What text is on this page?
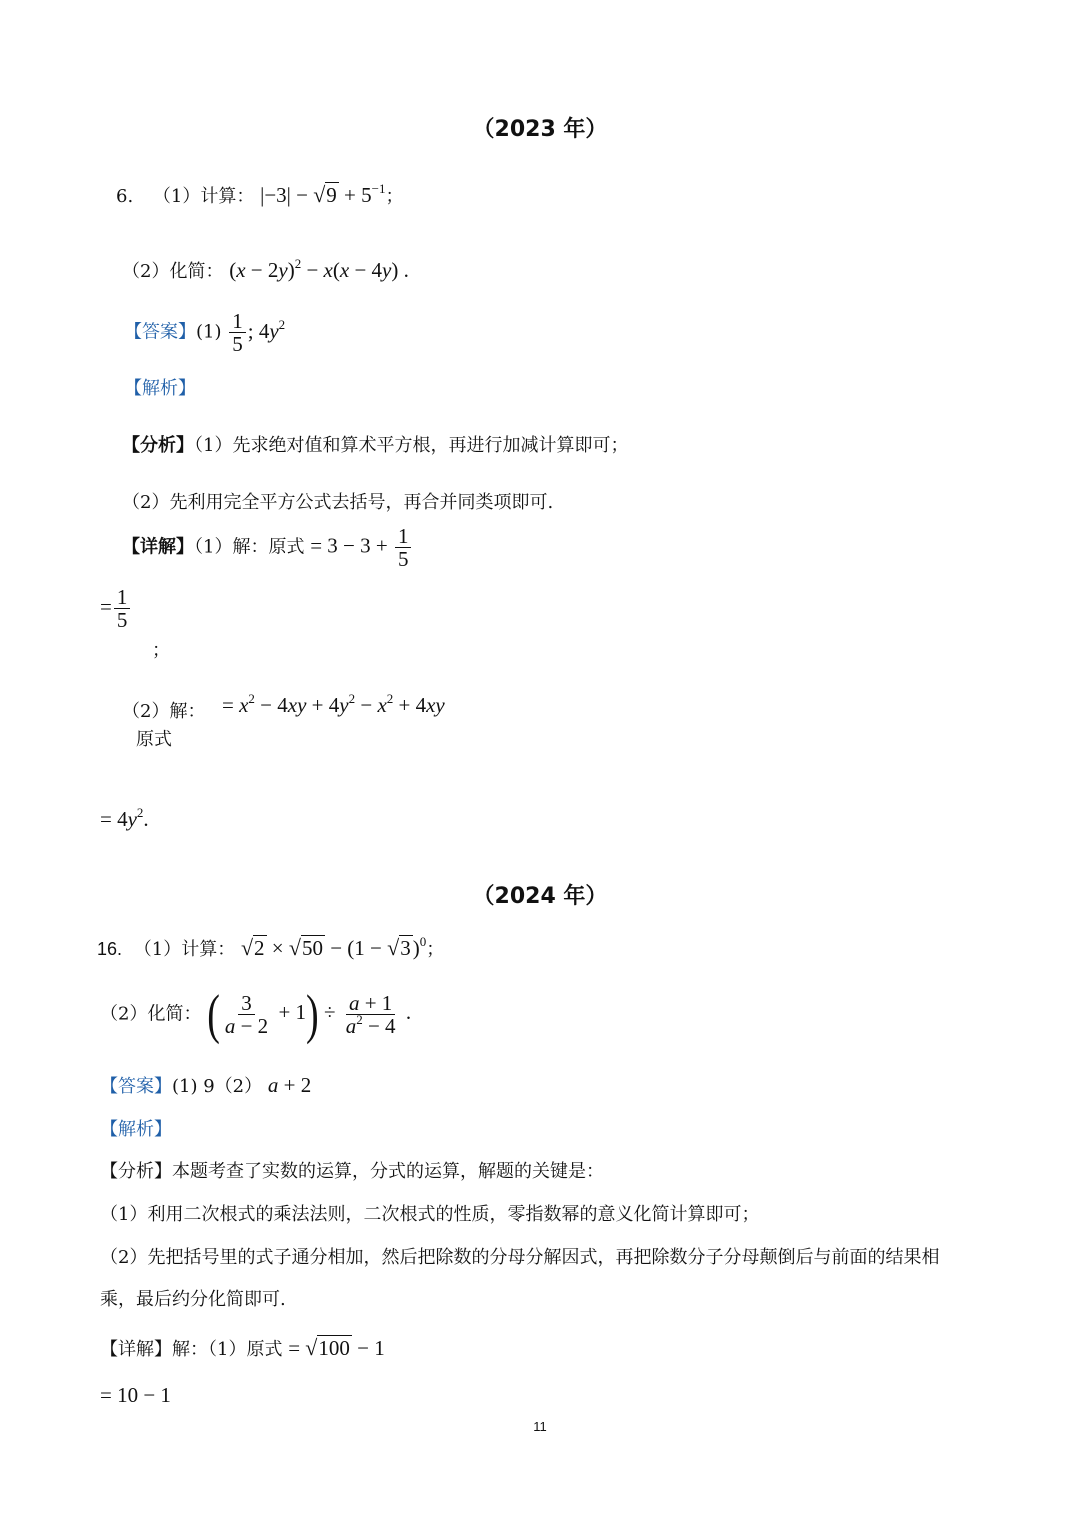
（2023 年）
6. （1）计算： $|-3| - √9 + 5^{-1}$；
（2）化简： $(x - 2y)^2 - x(x - 4y)$ .
【答案】$(1) \frac{1}{5}$ ; $4y^2$
【解析】
【分析】（1）先求绝对值和算术平方根，再进行加减计算即可；
（2）先利用完全平方公式去括号，再合并同类项即可.
【详解】（1）解：原式 = $3 - 3 + \frac{1}{5}$
= $\frac{1}{5}$
；
（2）解： = $x^2 - 4xy + 4y^2 - x^2 + 4xy$
原式
= $4y^2$.
（2024 年）
16. （1）计算： $√2 \times √50 - (1 - √3)^0$；
（2）化简： ( $\frac{3}{a - 2} + 1) \div \frac{a + 1}{a^2 - 4}$ .
【答案】(1) 9（2） a + 2
【解析】
【分析】本题考查了实数的运算，分式的运算，解题的关键是：
（1）利用二次根式的乘法法则，二次根式的性质，零指数幂的意义化简计算即可；
（2）先把括号里的式子通分相加，然后把除数的分母分解因式，再把除数分子分母颠倒后与前面的结果相
乘，最后约分化简即可.
【详解】解：（1）原式 = √100 − 1
= 10 − 1
11
